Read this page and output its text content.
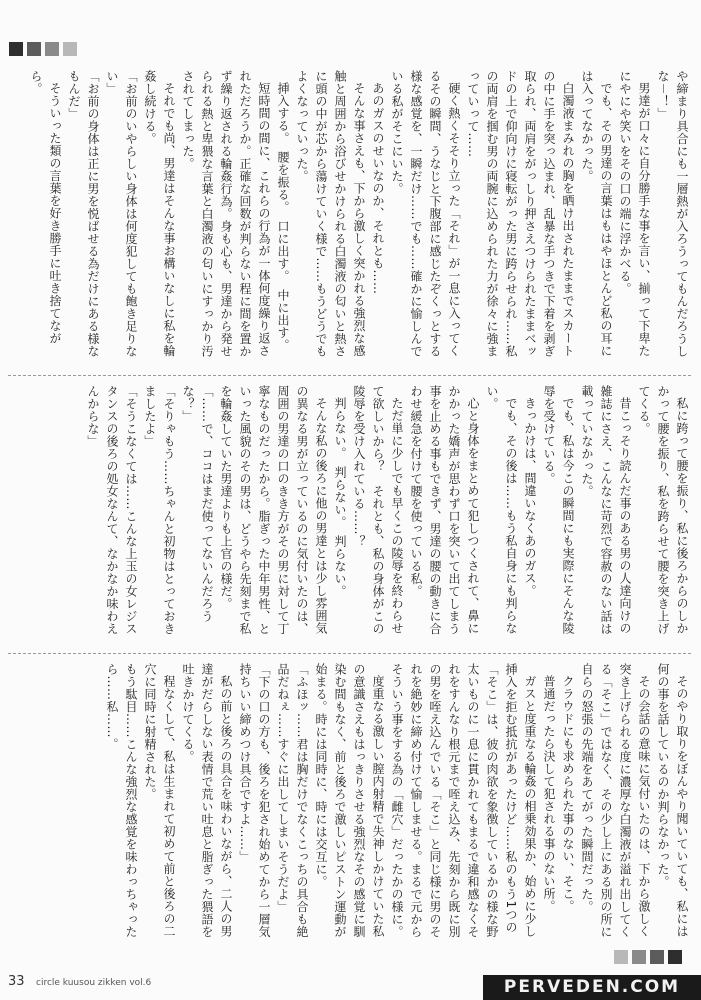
や締まり具合にも一層熱が入ろうってもんだろうしな－！」

男達が口々に自分勝手な事を言い、揃って下卑たにやにや笑いをその口の端に浮かべる。

でも、その男達の言葉はもはやほとんど私の耳には入ってなかった。

白濁液まみれの胸を晒け出されたままでスカートの中に手を突っ込まれ、乱暴な手つきで下着を剥ぎ取られ、両肩をがっしり押さえつけられたままベッドの上で仰向けに寝転がった男に跨らせられ……私の両肩を掴む男の両腕に込められた力が徐々に強まっていって……

硬く熱くそそり立った「それ」が一息に入ってくるその瞬間、うなじと下腹部に感じたぞくっとする様な感覚を、一瞬だけ……でも……確かに愉しんでいる私がそこにいた。

あのガスのせいなのか、それとも……

そんな事さえも、下から激しく突かれる強烈な感触と周囲から浴びせかけられる白濁液の匂いと熱さに頭の中が芯から蕩けていく様で……もうどうでもよくなっていった。

挿入する。　腰を振る。　口に出す。　中に出す。

短時間の間に、これらの行為が一体何度繰り返されただろうか。正確な回数が判らない程に間を置かず繰り返される輪姦行為。身も心も、男達から発せられる熱と卑猥な言葉と白濁液の匂いにすっかり汚されてしまった。

それでも尚、男達はそんな事お構いなしに私を輪姦し続ける。

「お前のいやらしい身体は何度犯しても飽き足りない」

「お前の身体は正に男を悦ばせる為だけにある様なもんだ」

そういった類の言葉を好き勝手に吐き捨てながら。

私に跨って腰を振り、私に後ろからのしかかって腰を振り、私を跨らせて腰を突き上げてくる。

昔こっそり読んだ事のある男の人達向けの雑誌にさえ、こんなに苛烈で容赦のない話は載っていなかった。

でも、私は今この瞬間にも実際にそんな陵辱を受けている。

きっかけは、間違いなくあのガス。

でも、その後は……もう私自身にも判らない。

心と身体をまとめて犯しつくされて、鼻にかかった嬌声が思わず口を突いて出てしまう事を止める事もできず、男達の腰の動きに合わせ緩急を付けて腰を使っている私。

ただ単に少しでも早くこの陵辱を終わらせて欲しいから？　それとも、私の身体がこの陵辱を受け入れている……？

判らない。　判らない。　判らない。

そんな私の後ろに他の男達とは少し雰囲気の異なる男が立っているのに気付いたのは、周囲の男達の口のきき方がその男に対して丁寧なものだったから。脂ぎった中年男性、といった風貌のその男は、どうやら先刻まで私を輪姦していた男達よりも上官の様だ。

「……で、ココはまだ使ってないんだろうな？」

「そりゃもう……ちゃんと初物はとっておきましたよ」

「そうこなくては……こんな上玉の女レジスタンスの後ろの処女なんて、なかなか味わえんからな」

そのやり取りをぼんやり聞いていても、私には何の事を話しているのか判らなかった。

その会話の意味に気付いたのは、下から激しく突き上げられる度に濃厚な白濁液が溢れ出してくる「そこ」ではなく、その少し上にある別の所に自らの怒張の先端をあてがった瞬間だった。

クラウドにも求められた事のない、そこ。

普通だったら決して犯される事のない所。

ガスと度重なる輪姦の相乗効果か、始めに少し挿入を拒む抵抗があったけど……私のもう1つの「そこ」は、彼の肉欲を象徴しているかの様な野太いものに一息に貫かれてもまるで違和感なくそれをすんなり根元まで咥え込み、先刻から既に別の男を咥え込んでいる「そこ」と同じ様に男のそれを絶妙に締め付けて愉しませる。まるで元からそういう事をする為の「雌穴」だったかの様に。

度重なる激しい膣内射精で失神しかけていた私の意識さえもはっきりさせる強烈なその感覚に馴染む間もなく、前と後ろで激しいピストン運動が始まる。時には同時に、時には交互に。

「ふほッ……君は胸だけでなくこっちの具合も絶品だねぇ……すぐに出してしまいそうだよ」

「下の口の方も、後ろを犯され始めてから一層気持ちいい締めつけ具合ですよ……」

私の前と後ろの具合を味わいながら、二人の男達がだらしない表情で荒い吐息と脂ぎった猥語を吐きかけてくる。

程なくして、私は生まれて初めて前と後ろの二穴に同時に射精された。

もう駄目……こんな強烈な感覚を味わっちゃったら……私……。

33 circle kuusou zikken vol.6	PERVEDEN.COM
